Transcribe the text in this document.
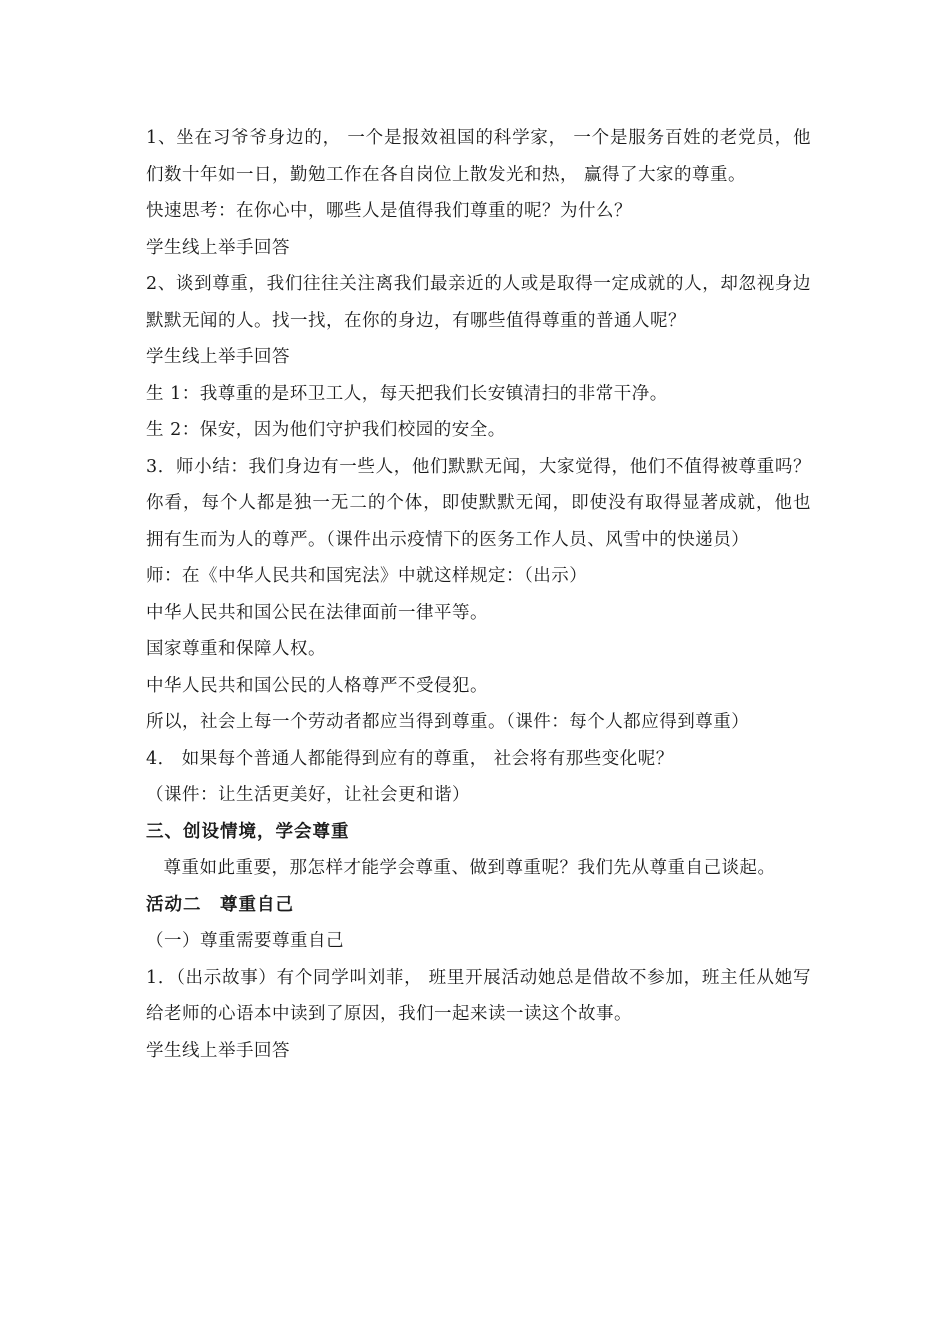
1、坐在习爷爷身边的， 一个是报效祖国的科学家， 一个是服务百姓的老党员，他们数十年如一日，勤勉工作在各自岗位上散发光和热， 赢得了大家的尊重。

快速思考：在你心中，哪些人是值得我们尊重的呢？为什么？

学生线上举手回答

2、谈到尊重，我们往往关注离我们最亲近的人或是取得一定成就的人，却忽视身边默默无闻的人。找一找，在你的身边，有哪些值得尊重的普通人呢？

学生线上举手回答

生 1：我尊重的是环卫工人，每天把我们长安镇清扫的非常干净。

生 2：保安，因为他们守护我们校园的安全。

3．师小结：我们身边有一些人，他们默默无闻，大家觉得，他们不值得被尊重吗？你看，每个人都是独一无二的个体，即使默默无闻，即使没有取得显著成就，他也拥有生而为人的尊严。（课件出示疫情下的医务工作人员、风雪中的快递员）

师：在《中华人民共和国宪法》中就这样规定：（出示）

中华人民共和国公民在法律面前一律平等。

国家尊重和保障人权。

中华人民共和国公民的人格尊严不受侵犯。

所以，社会上每一个劳动者都应当得到尊重。（课件：每个人都应得到尊重）

4． 如果每个普通人都能得到应有的尊重， 社会将有那些变化呢？

（课件：让生活更美好，让社会更和谐）

三、创设情境，学会尊重

尊重如此重要，那怎样才能学会尊重、做到尊重呢？我们先从尊重自己谈起。

活动二　尊重自己

（一）尊重需要尊重自己

1．（出示故事）有个同学叫刘菲， 班里开展活动她总是借故不参加，班主任从她写给老师的心语本中读到了原因，我们一起来读一读这个故事。

学生线上举手回答
